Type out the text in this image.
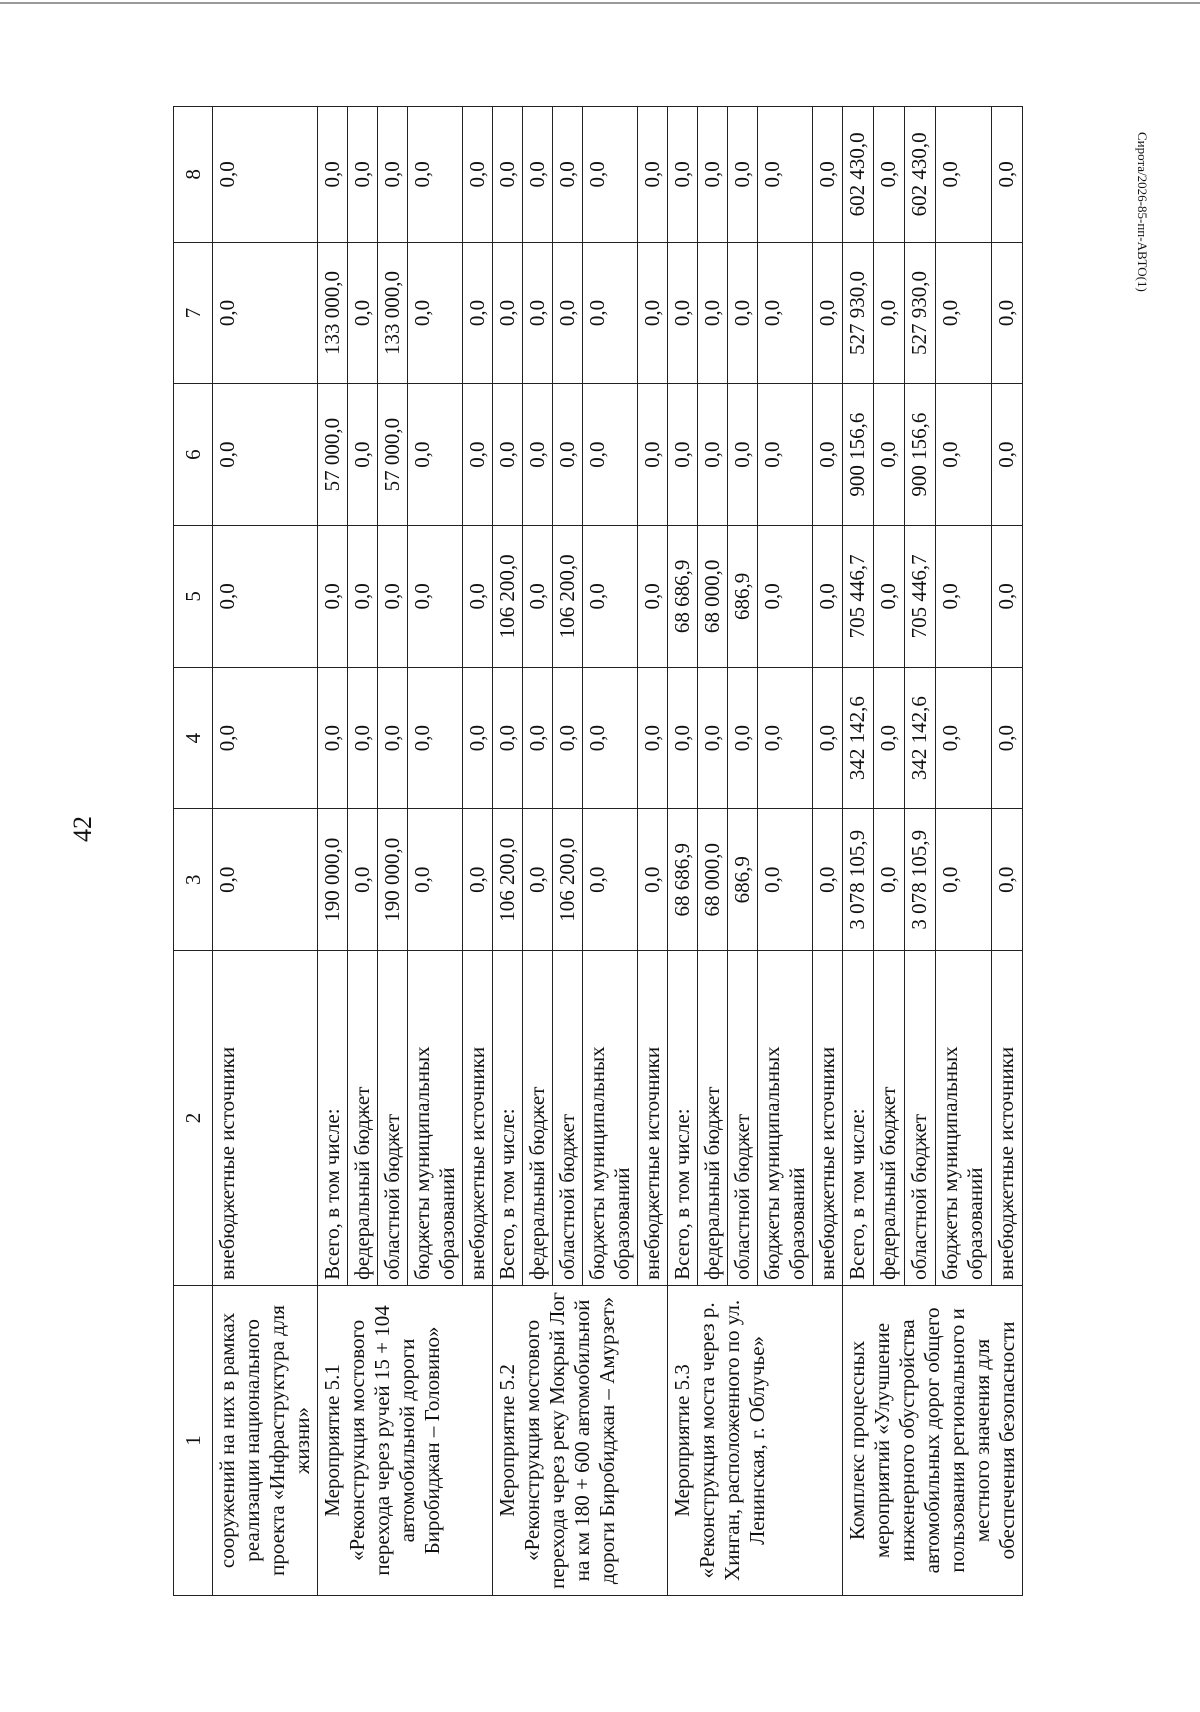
42
Сирота/2026-85-пп-АВТО(1)
1	2	3	4	5	6	7	8
сооружений на них в рамках реализации национального проекта «Инфраструктура для жизни»	внебюджетные источники	0,0	0,0	0,0	0,0	0,0	0,0
Мероприятие 5.1 «Реконструкция мостового перехода через ручей 15 + 104 автомобильной дороги Биробиджан – Головино»	Всего, в том числе:	190 000,0	0,0	0,0	57 000,0	133 000,0	0,0
	федеральный бюджет	0,0	0,0	0,0	0,0	0,0	0,0
	областной бюджет	190 000,0	0,0	0,0	57 000,0	133 000,0	0,0
	бюджеты муниципальных образований	0,0	0,0	0,0	0,0	0,0	0,0
	внебюджетные источники	0,0	0,0	0,0	0,0	0,0	0,0
Мероприятие 5.2 «Реконструкция мостового перехода через реку Мокрый Лог на км 180 + 600 автомобильной дороги Биробиджан – Амурзет»	Всего, в том числе:	106 200,0	0,0	106 200,0	0,0	0,0	0,0
	федеральный бюджет	0,0	0,0	0,0	0,0	0,0	0,0
	областной бюджет	106 200,0	0,0	106 200,0	0,0	0,0	0,0
	бюджеты муниципальных образований	0,0	0,0	0,0	0,0	0,0	0,0
	внебюджетные источники	0,0	0,0	0,0	0,0	0,0	0,0
Мероприятие 5.3 «Реконструкция моста через р. Хинган, расположенного по ул. Ленинская, г. Облучье»	Всего, в том числе:	68 686,9	0,0	68 686,9	0,0	0,0	0,0
	федеральный бюджет	68 000,0	0,0	68 000,0	0,0	0,0	0,0
	областной бюджет	686,9	0,0	686,9	0,0	0,0	0,0
	бюджеты муниципальных образований	0,0	0,0	0,0	0,0	0,0	0,0
	внебюджетные источники	0,0	0,0	0,0	0,0	0,0	0,0
Комплекс процессных мероприятий «Улучшение инженерного обустройства автомобильных дорог общего пользования регионального и местного значения для обеспечения безопасности	Всего, в том числе:	3 078 105,9	342 142,6	705 446,7	900 156,6	527 930,0	602 430,0
	федеральный бюджет	0,0	0,0	0,0	0,0	0,0	0,0
	областной бюджет	3 078 105,9	342 142,6	705 446,7	900 156,6	527 930,0	602 430,0
	бюджеты муниципальных образований	0,0	0,0	0,0	0,0	0,0	0,0
	внебюджетные источники	0,0	0,0	0,0	0,0	0,0	0,0
